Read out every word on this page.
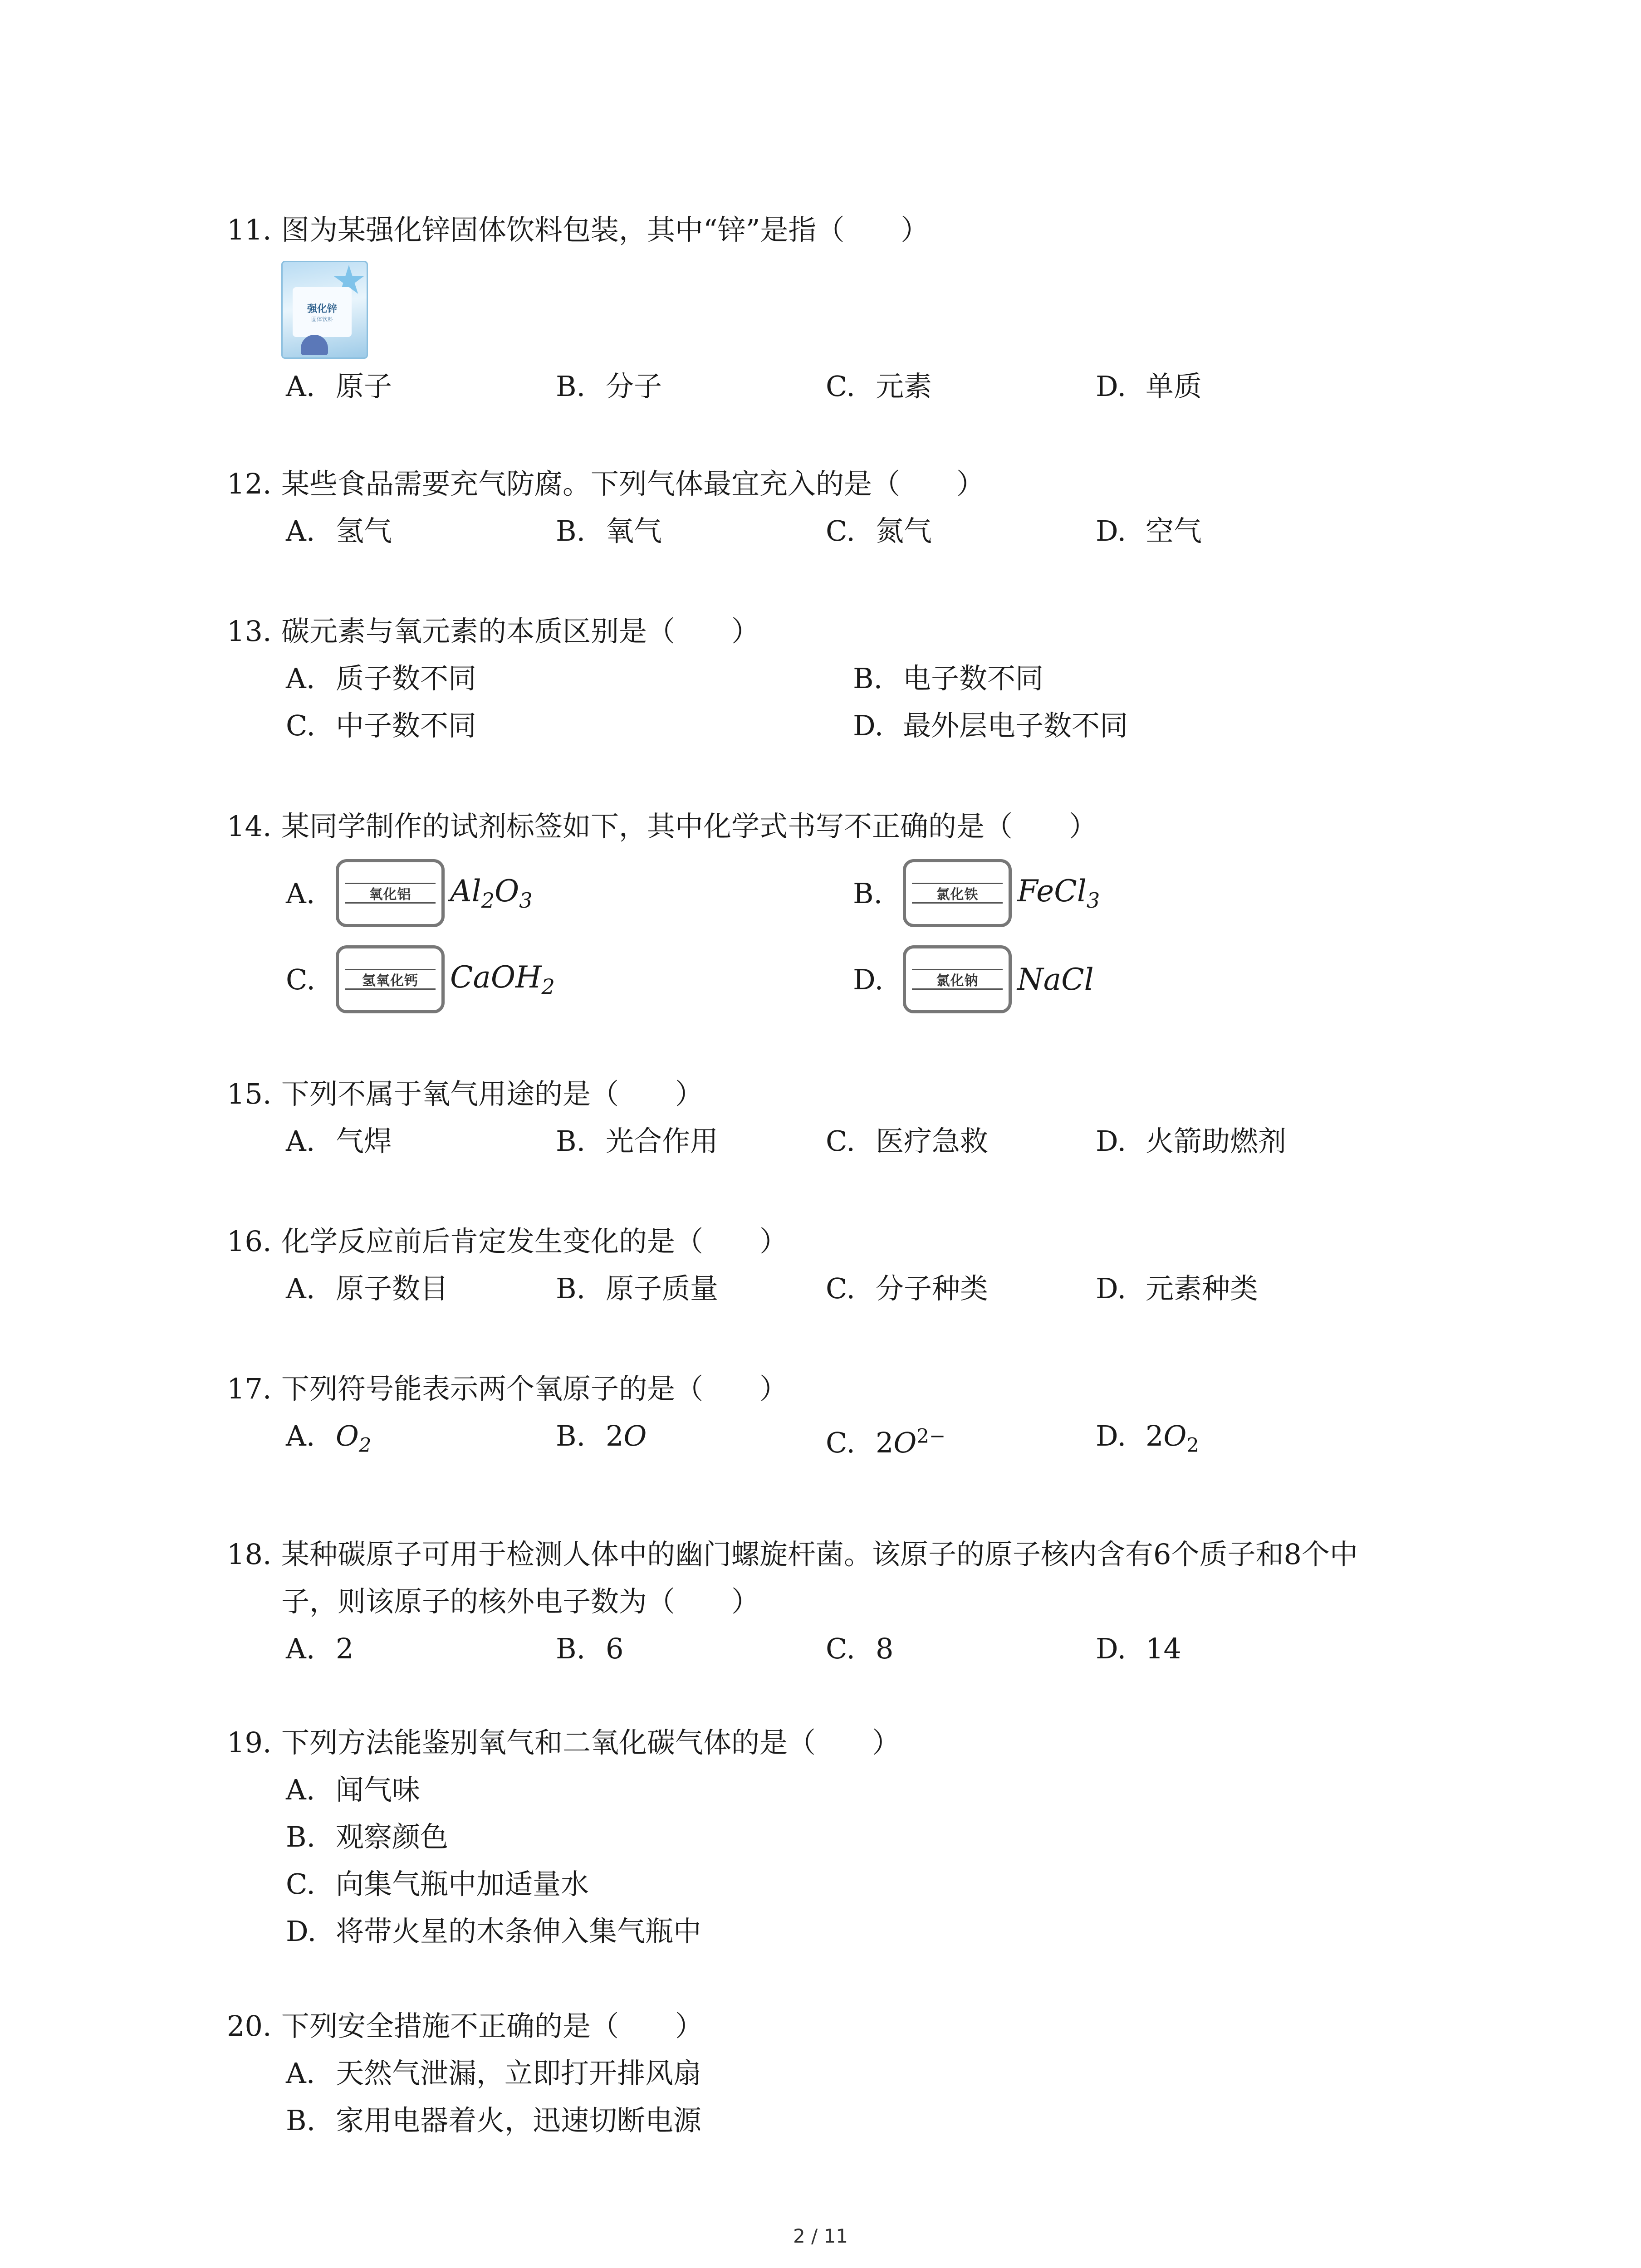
11. 图为某强化锌固体饮料包装，其中“锌”是指（　　）
强化锌
固体饮料
A. 原子	B. 分子	C. 元素	D. 单质
12. 某些食品需要充气防腐。下列气体最宜充入的是（　　）
A. 氢气	B. 氧气	C. 氮气	D. 空气
13. 碳元素与氧元素的本质区别是（　　）
A. 质子数不同	B. 电子数不同
C. 中子数不同	D. 最外层电子数不同
14. 某同学制作的试剂标签如下，其中化学式书写不正确的是（　　）
A.	氧化铝	$Al_2O_3$	B.	氯化铁	FeCl$_3$
C.	氢氧化钙	CaOH$_2$	D.	氯化钠	NaCl
15. 下列不属于氧气用途的是（　　）
A. 气焊	B. 光合作用	C. 医疗急救	D. 火箭助燃剂
16. 化学反应前后肯定发生变化的是（　　）
A. 原子数目	B. 原子质量	C. 分子种类	D. 元素种类
17. 下列符号能表示两个氧原子的是（　　）
A. $O_2$	B. 2O	C. $2O^{2-}$	D. $2O_2$
18. 某种碳原子可用于检测人体中的幽门螺旋杆菌。该原子的原子核内含有6个质子和8个中
子，则该原子的核外电子数为（　　）
A. 2	B. 6	C. 8	D. 14
19. 下列方法能鉴别氧气和二氧化碳气体的是（　　）
A. 闻气味
B. 观察颜色
C. 向集气瓶中加适量水
D. 将带火星的木条伸入集气瓶中
20. 下列安全措施不正确的是（　　）
A. 天然气泄漏，立即打开排风扇
B. 家用电器着火，迅速切断电源
2 / 11
